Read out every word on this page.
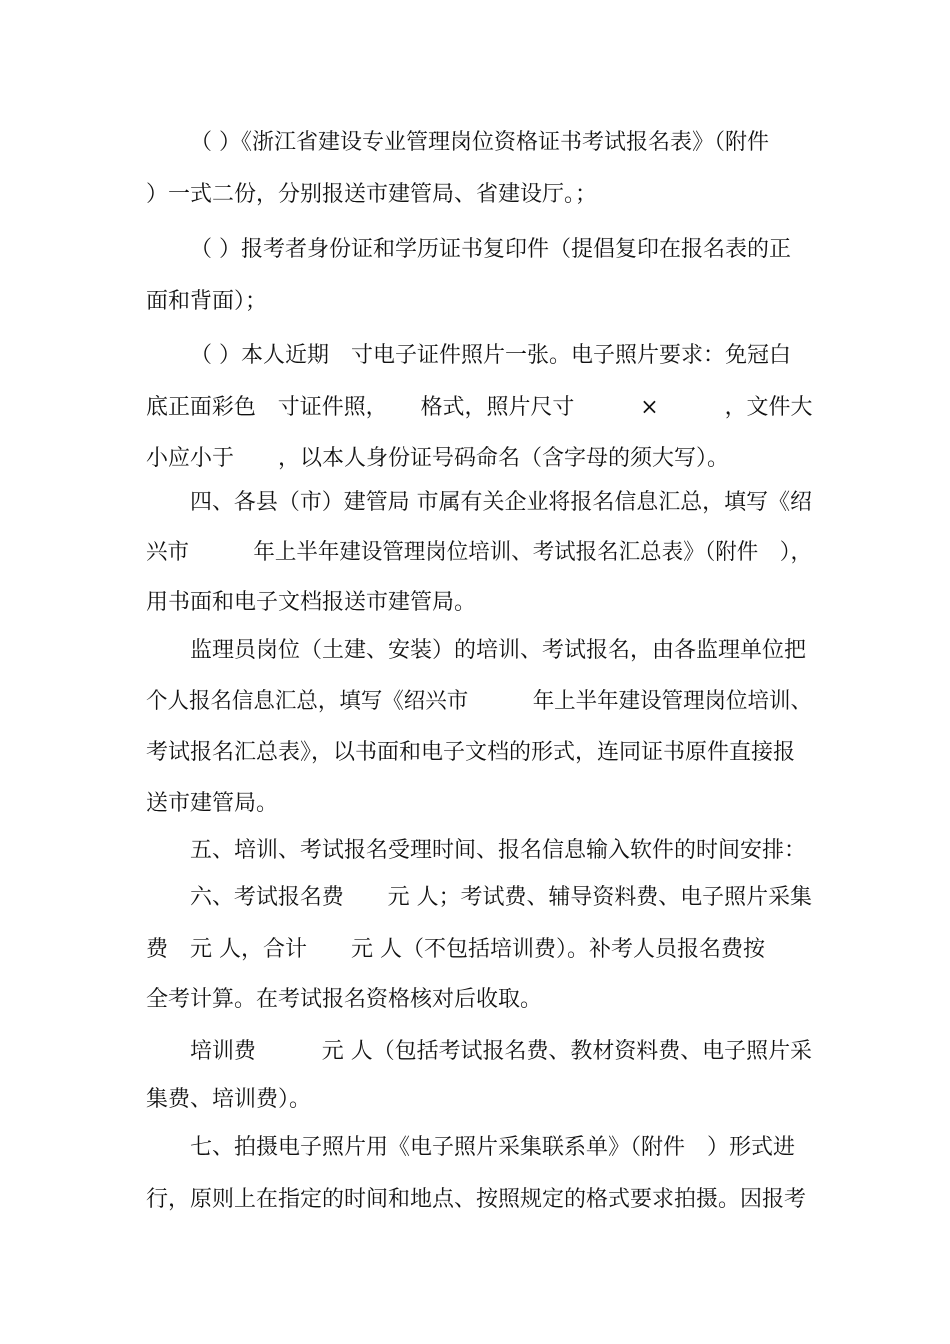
（ ）《浙江省建设专业管理岗位资格证书考试报名表》（附件

）一式二份，分别报送市建管局、省建设厅。；

（ ）报考者身份证和学历证书复印件（提倡复印在报名表的正

面和背面）；

（ ）本人近期　寸电子证件照片一张。电子照片要求：免冠白

底正面彩色　寸证件照，　　格式，照片尺寸　　　×　　　，文件大

小应小于　　，以本人身份证号码命名（含字母的须大写）。

四、各县（市）建管局 市属有关企业将报名信息汇总，填写《绍

兴市　　　年上半年建设管理岗位培训、考试报名汇总表》（附件　），

用书面和电子文档报送市建管局。

监理员岗位（土建、安装）的培训、考试报名，由各监理单位把

个人报名信息汇总，填写《绍兴市　　　年上半年建设管理岗位培训、

考试报名汇总表》，以书面和电子文档的形式，连同证书原件直接报

送市建管局。

五、培训、考试报名受理时间、报名信息输入软件的时间安排：

六、考试报名费　　元 人；考试费、辅导资料费、电子照片采集

费　元 人，合计　　元 人（不包括培训费）。补考人员报名费按

全考计算。在考试报名资格核对后收取。

培训费　　　元 人（包括考试报名费、教材资料费、电子照片采

集费、培训费）。

七、拍摄电子照片用《电子照片采集联系单》（附件　）形式进

行，原则上在指定的时间和地点、按照规定的格式要求拍摄。因报考
